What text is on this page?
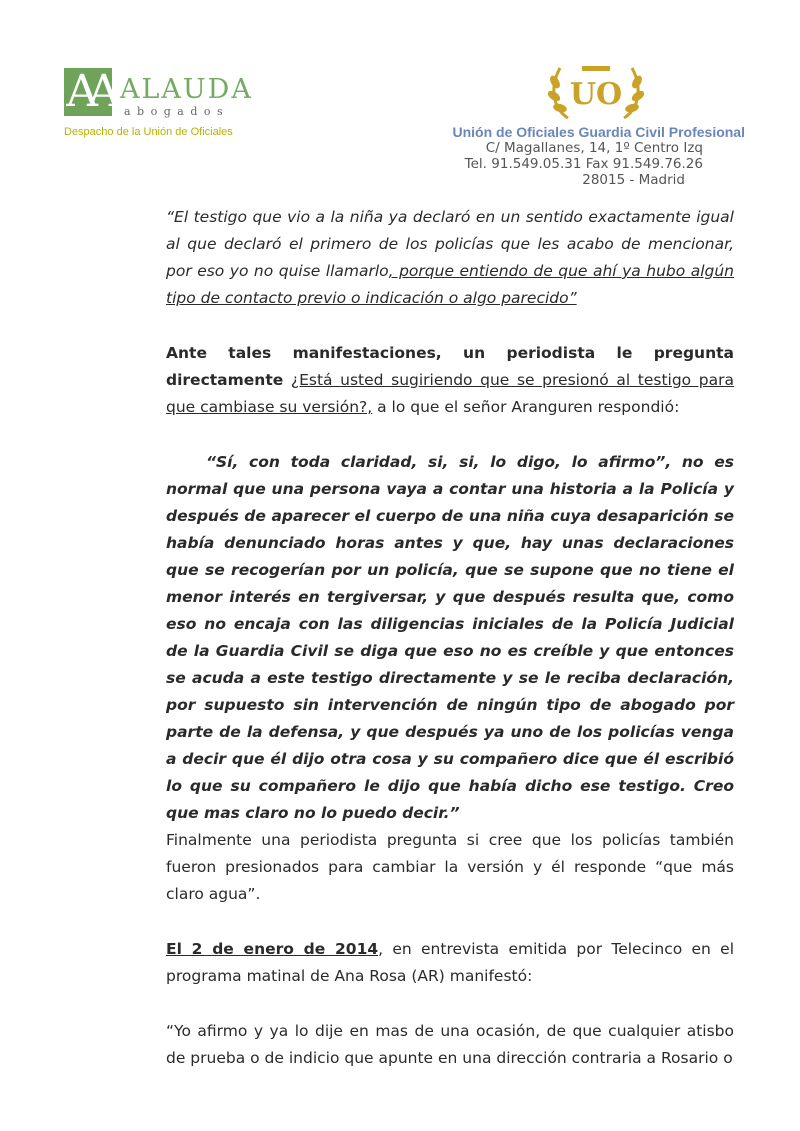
AA ALAUDA
abogados
Despacho de la Unión de Oficiales
UO
Unión de Oficiales Guardia Civil Profesional
C/ Magallanes, 14, 1º Centro Izq
Tel. 91.549.05.31 Fax 91.549.76.26
28015 - Madrid

“El testigo que vio a la niña ya declaró en un sentido exactamente igual al que declaró el primero de los policías que les acabo de mencionar, por eso yo no quise llamarlo, porque entiendo de que ahí ya hubo algún tipo de contacto previo o indicación o algo parecido”

Ante tales manifestaciones, un periodista le pregunta directamente ¿Está usted sugiriendo que se presionó al testigo para que cambiase su versión?, a lo que el señor Aranguren respondió:

“Sí, con toda claridad, si, si, lo digo, lo afirmo”, no es normal que una persona vaya a contar una historia a la Policía y después de aparecer el cuerpo de una niña cuya desaparición se había denunciado horas antes y que, hay unas declaraciones que se recogerían por un policía, que se supone que no tiene el menor interés en tergiversar, y que después resulta que, como eso no encaja con las diligencias iniciales de la Policía Judicial de la Guardia Civil se diga que eso no es creíble y que entonces se acuda a este testigo directamente y se le reciba declaración, por supuesto sin intervención de ningún tipo de abogado por parte de la defensa, y que después ya uno de los policías venga a decir que él dijo otra cosa y su compañero dice que él escribió lo que su compañero le dijo que había dicho ese testigo. Creo que mas claro no lo puedo decir.”

Finalmente una periodista pregunta si cree que los policías también fueron presionados para cambiar la versión y él responde “que más claro agua”.

El 2 de enero de 2014, en entrevista emitida por Telecinco en el programa matinal de Ana Rosa (AR) manifestó:

“Yo afirmo y ya lo dije en mas de una ocasión, de que cualquier atisbo de prueba o de indicio que apunte en una dirección contraria a Rosario o
